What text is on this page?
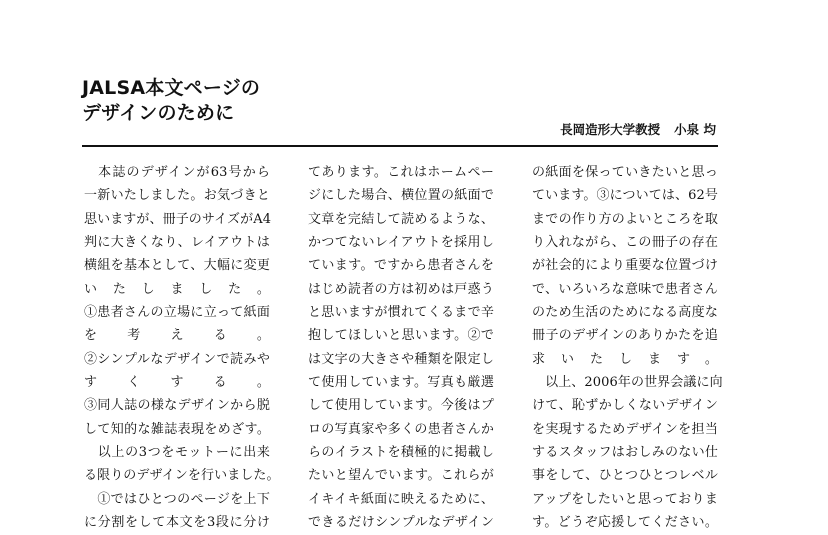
JALSA本文ページの
デザインのために
長岡造形大学教授 小泉 均
　本誌のデザインが63号から
一新いたしました。お気づきと
思いますが、冊子のサイズがA4
判に大きくなり、レイアウトは
横組を基本として、大幅に変更
いたしました。
①患者さんの立場に立って紙面
を考える。
②シンプルなデザインで読みや
すくする。
③同人誌の様なデザインから脱
して知的な雑誌表現をめざす。
　以上の3つをモットーに出来
る限りのデザインを行いました。
　①ではひとつのページを上下
に分割をして本文を3段に分け
てあります。これはホームペー
ジにした場合、横位置の紙面で
文章を完結して読めるような、
かつてないレイアウトを採用し
ています。ですから患者さんを
はじめ読者の方は初めは戸惑う
と思いますが慣れてくるまで辛
抱してほしいと思います。②で
は文字の大きさや種類を限定し
て使用しています。写真も厳選
して使用しています。今後はプ
ロの写真家や多くの患者さんか
らのイラストを積極的に掲載し
たいと望んでいます。これらが
イキイキ紙面に映えるために、
できるだけシンプルなデザイン
の紙面を保っていきたいと思っ
ています。③については、62号
までの作り方のよいところを取
り入れながら、この冊子の存在
が社会的により重要な位置づけ
で、いろいろな意味で患者さん
のため生活のためになる高度な
冊子のデザインのありかたを追
求いたします。
　以上、2006年の世界会議に向
けて、恥ずかしくないデザイン
を実現するためデザインを担当
するスタッフはおしみのない仕
事をして、ひとつひとつレベル
アップをしたいと思っておりま
す。どうぞ応援してください。
